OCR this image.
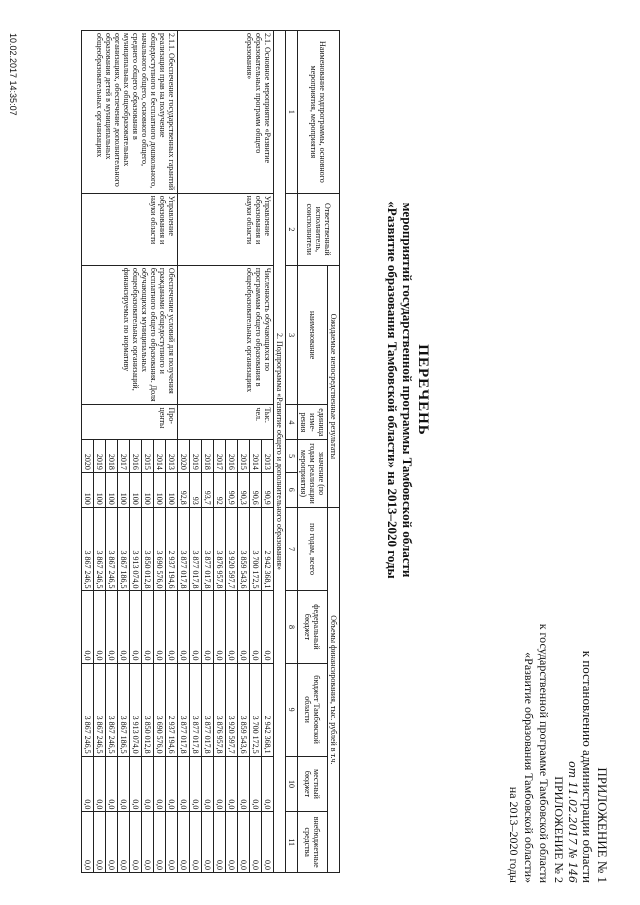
ПРИЛОЖЕНИЕ № 1
к постановлению администрации области
от 11.02.2017 № 146
ПРИЛОЖЕНИЕ № 2
к государственной программе Тамбовской области
«Развитие образования Тамбовской области»
на 2013–2020 годы
ПЕРЕЧЕНЬ
мероприятий государственной программы Тамбовской области
«Развитие образования Тамбовской области» на 2013–2020 годы
Наименование подпрограммы, основного мероприятия, мероприятия	Ответственный исполнитель, соисполнители	Ожидаемые непосредственные результаты				Объемы финансирования, тыс. рублей в т.ч.				
		наименование	единица изме-рения	значение (по годам реализации мероприятия)		по годам, всего	федеральный бюджет	бюджет Тамбовской области	местный бюджет	внебюджетные средства

1	2	3	4	5	6	7	8	9	10	11
2. Подпрограмма «Развитие общего и дополнительного образования»										
2.1. Основное мероприятие «Развитие образовательных программ общего образования»	Управление образования и науки области	Численность обучающихся по программам общего образования в общеобразовательных организациях	Тыс. чел.	2013	90,9	2 942 368,1	0,0	2 942 368,1	0,0	0,0
				2014	90,6	3 700 172,5	0,0	3 700 172,5	0,0	0,0
				2015	90,3	3 859 543,6	0,0	3 859 543,6	0,0	0,0
				2016	90,9	3 920 597,7	0,0	3 920 597,7	0,0	0,0
				2017	92	3 876 957,8	0,0	3 876 957,8	0,0	0,0
				2018	93,7	3 877 017,8	0,0	3 877 017,8	0,0	0,0
				2019	93	3 877 017,8	0,0	3 877 017,8	0,0	0,0
				2020	92,8	3 877 017,8	0,0	3 877 017,8	0,0	0,0
2.1.1. Обеспечение государственных гарантий реализации прав на получение общедоступного и бесплатного дошкольного, начального общего, основного общего, среднего общего образования в муниципальных общеобразовательных организациях, обеспечение дополнительного образования детей в муниципальных общеобразовательных организациях	Управление образования и науки области	Обеспечение условий для получения гражданами общедоступного и бесплатного общего образования. Доля обучающихся муниципальных общеобразовательных организаций, финансируемых по нормативу	Про-центы	2013	100	2 937 194,6	0,0	2 937 194,6	0,0	0,0
				2014	100	3 690 576,0	0,0	3 690 576,0	0,0	0,0
				2015	100	3 850 012,8	0,0	3 850 012,8	0,0	0,0
				2016	100	3 913 074,0	0,0	3 913 074,0	0,0	0,0
				2017	100	3 867 186,5	0,0	3 867 186,5	0,0	0,0
				2018	100	3 867 246,5	0,0	3 867 246,5	0,0	0,0
				2019	100	3 867 246,5	0,0	3 867 246,5	0,0	0,0
				2020	100	3 867 246,5	0,0	3 867 246,5	0,0	0,0
10.02.2017 14:35:07
